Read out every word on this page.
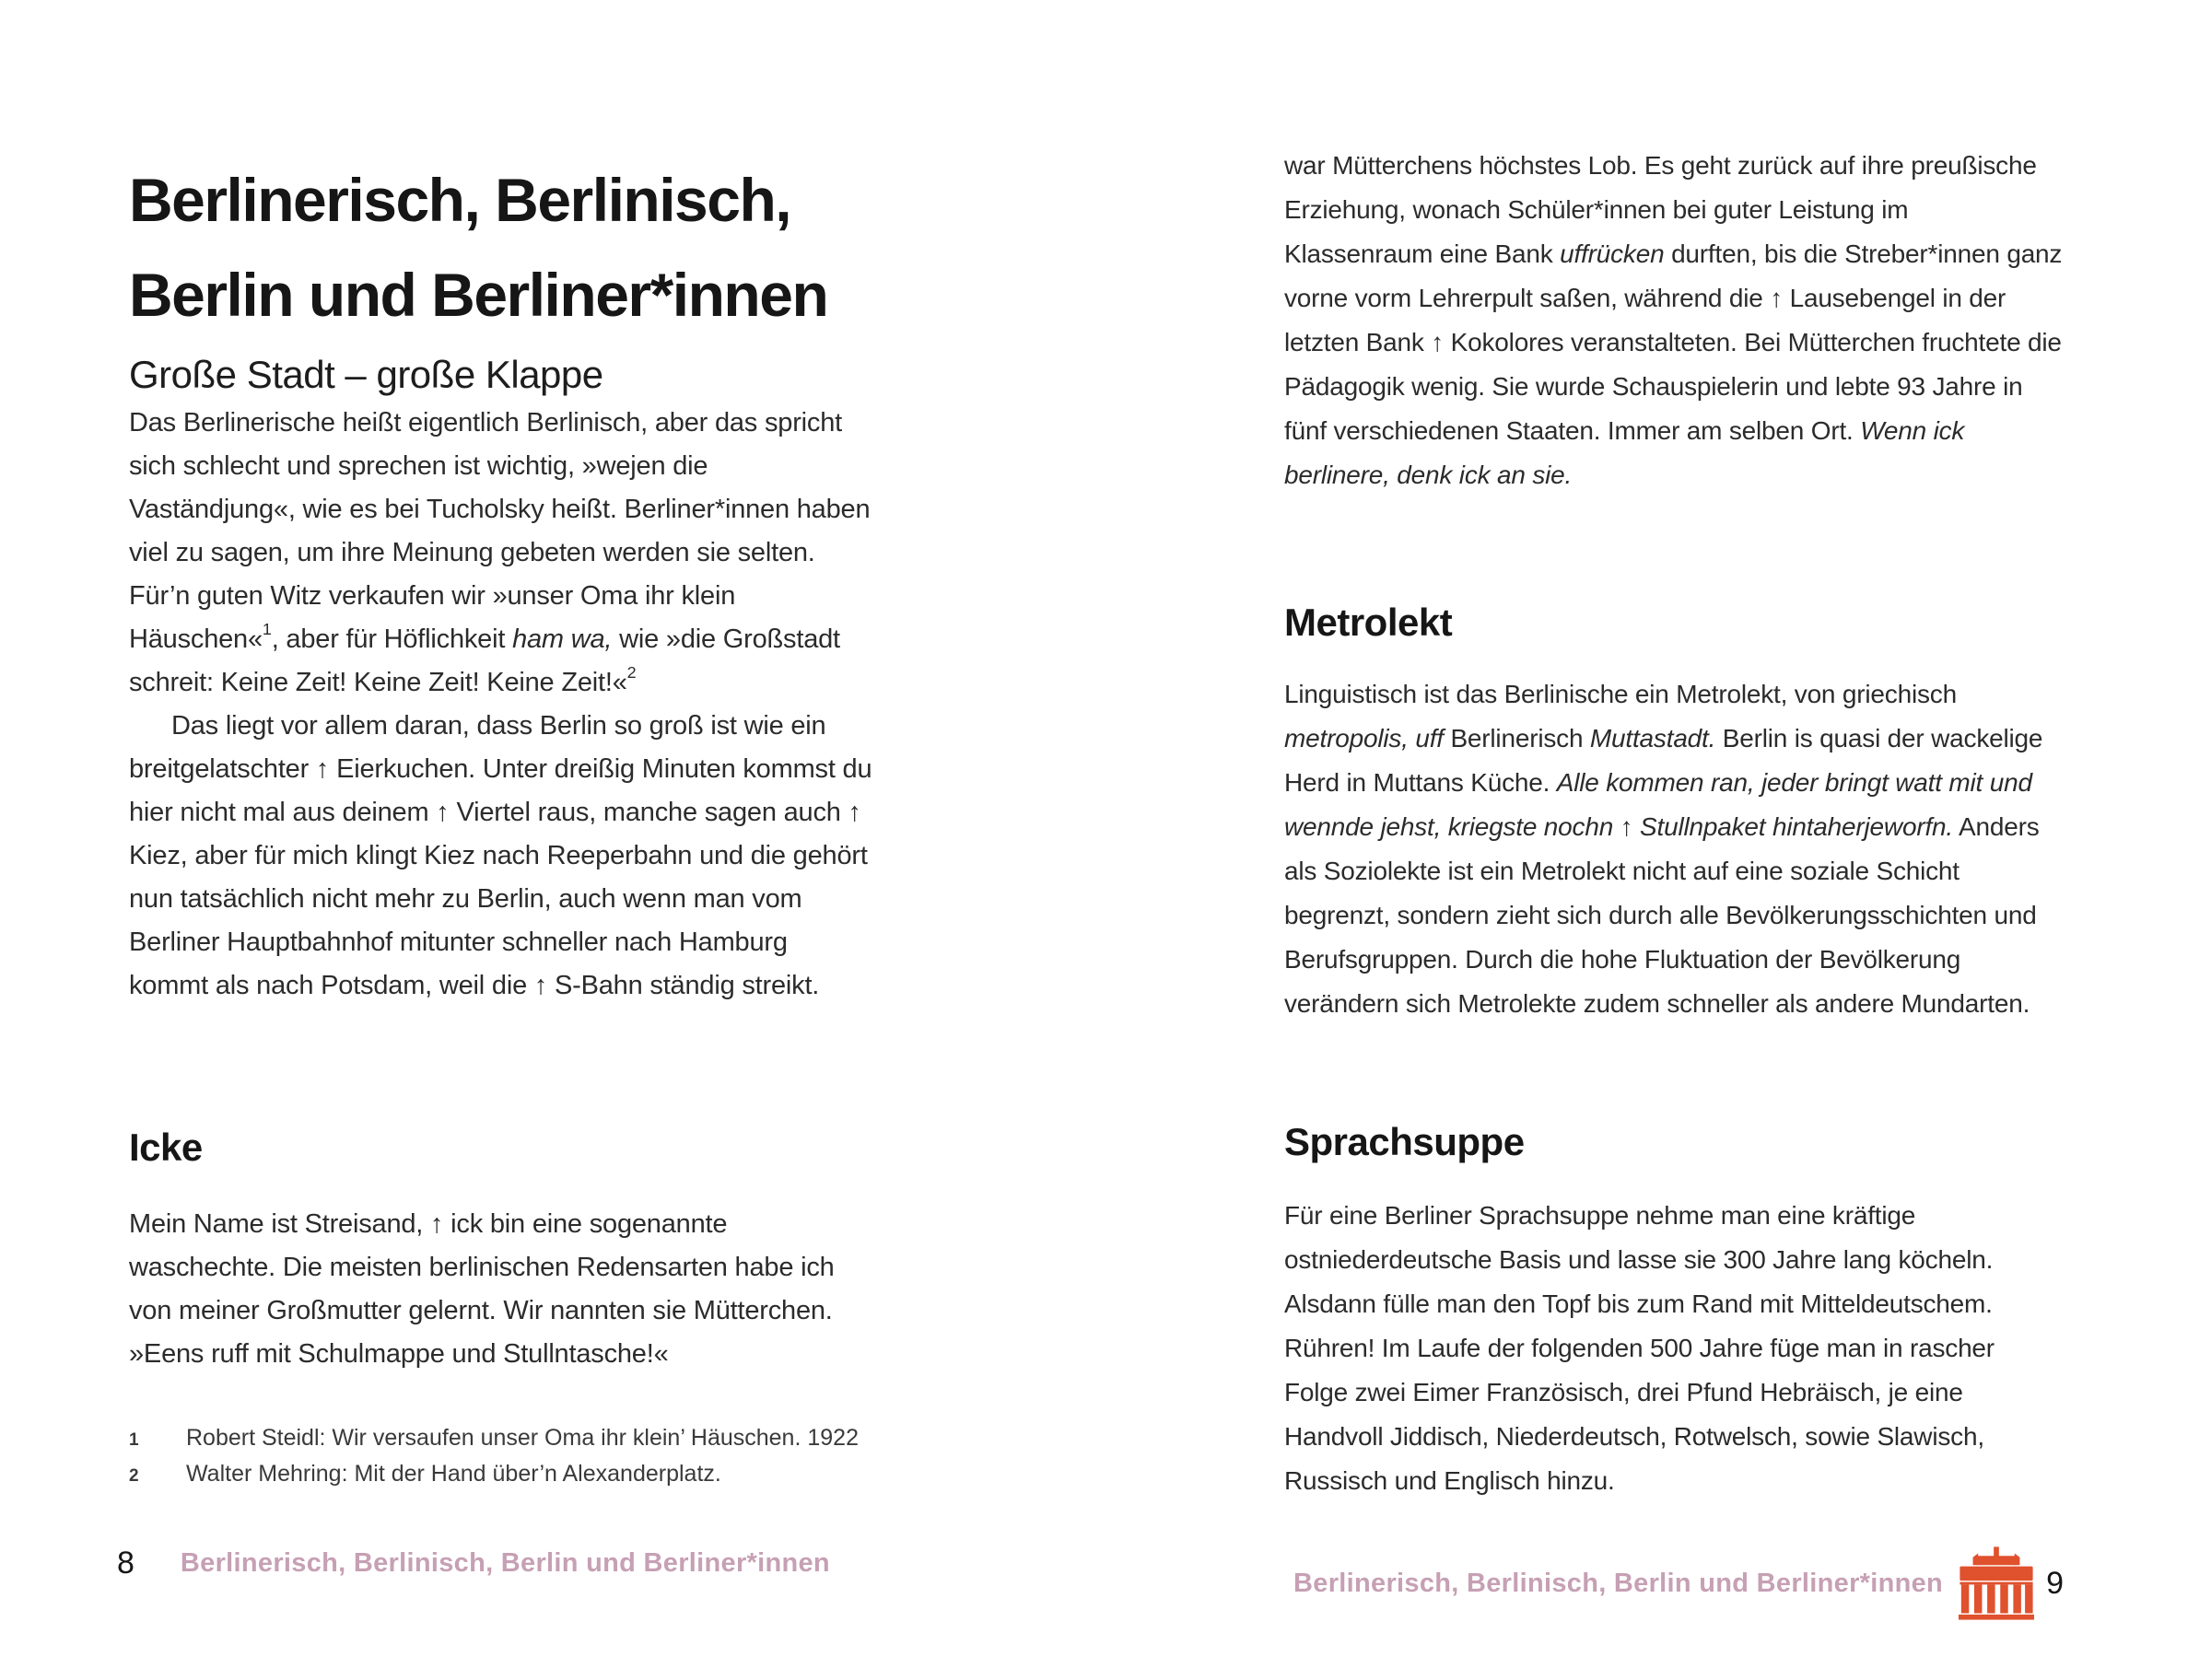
Berlinerisch, Berlinisch,
Berlin und Berliner*innen
Große Stadt – große Klappe

Das Berlinerische heißt eigentlich Berlinisch, aber das spricht sich schlecht und sprechen ist wichtig, »wejen die Vaständjung«, wie es bei Tucholsky heißt. Berliner*innen haben viel zu sagen, um ihre Meinung gebeten werden sie selten. Für’n guten Witz verkaufen wir »unser Oma ihr klein Häuschen«$^1$, aber für Höflichkeit ham wa, wie »die Großstadt schreit: Keine Zeit! Keine Zeit! Keine Zeit!«$^2$

Das liegt vor allem daran, dass Berlin so groß ist wie ein breitgelatschter ↑ Eierkuchen. Unter dreißig Minuten kommst du hier nicht mal aus deinem ↑ Viertel raus, manche sagen auch ↑ Kiez, aber für mich klingt Kiez nach Reeperbahn und die gehört nun tatsächlich nicht mehr zu Berlin, auch wenn man vom Berliner Hauptbahnhof mitunter schneller nach Hamburg kommt als nach Potsdam, weil die ↑ S-Bahn ständig streikt.

Icke

Mein Name ist Streisand, ↑ ick bin eine sogenannte waschechte. Die meisten berlinischen Redensarten habe ich von meiner Großmutter gelernt. Wir nannten sie Mütterchen. »Eens ruff mit Schulmappe und Stullntasche!«

1	Robert Steidl: Wir versaufen unser Oma ihr klein’ Häuschen. 1922
2	Walter Mehring: Mit der Hand über’n Alexanderplatz.
8 Berlinerisch, Berlinisch, Berlin und Berliner*innen

war Mütterchens höchstes Lob. Es geht zurück auf ihre preußische Erziehung, wonach Schüler*innen bei guter Leistung im Klassenraum eine Bank uffrücken durften, bis die Streber*innen ganz vorne vorm Lehrerpult saßen, während die ↑ Lausebengel in der letzten Bank ↑ Kokolores veranstalteten. Bei Mütterchen fruchtete die Pädagogik wenig. Sie wurde Schauspielerin und lebte 93 Jahre in fünf verschiedenen Staaten. Immer am selben Ort. Wenn ick berlinere, denk ick an sie.

Metrolekt

Linguistisch ist das Berlinische ein Metrolekt, von griechisch metropolis, uff Berlinerisch Muttastadt. Berlin is quasi der wackelige Herd in Muttans Küche. Alle kommen ran, jeder bringt watt mit und wennde jehst, kriegste nochn ↑ Stullnpaket hintaherjeworfn. Anders als Soziolekte ist ein Metrolekt nicht auf eine soziale Schicht begrenzt, sondern zieht sich durch alle Bevölkerungsschichten und Berufsgruppen. Durch die hohe Fluktuation der Bevölkerung verändern sich Metrolekte zudem schneller als andere Mundarten.

Sprachsuppe

Für eine Berliner Sprachsuppe nehme man eine kräftige ostniederdeutsche Basis und lasse sie 300 Jahre lang köcheln. Alsdann fülle man den Topf bis zum Rand mit Mitteldeutschem. Rühren! Im Laufe der folgenden 500 Jahre füge man in rascher Folge zwei Eimer Französisch, drei Pfund Hebräisch, je eine Handvoll Jiddisch, Niederdeutsch, Rotwelsch, sowie Slawisch, Russisch und Englisch hinzu.

Berlinerisch, Berlinisch, Berlin und Berliner*innen	9
